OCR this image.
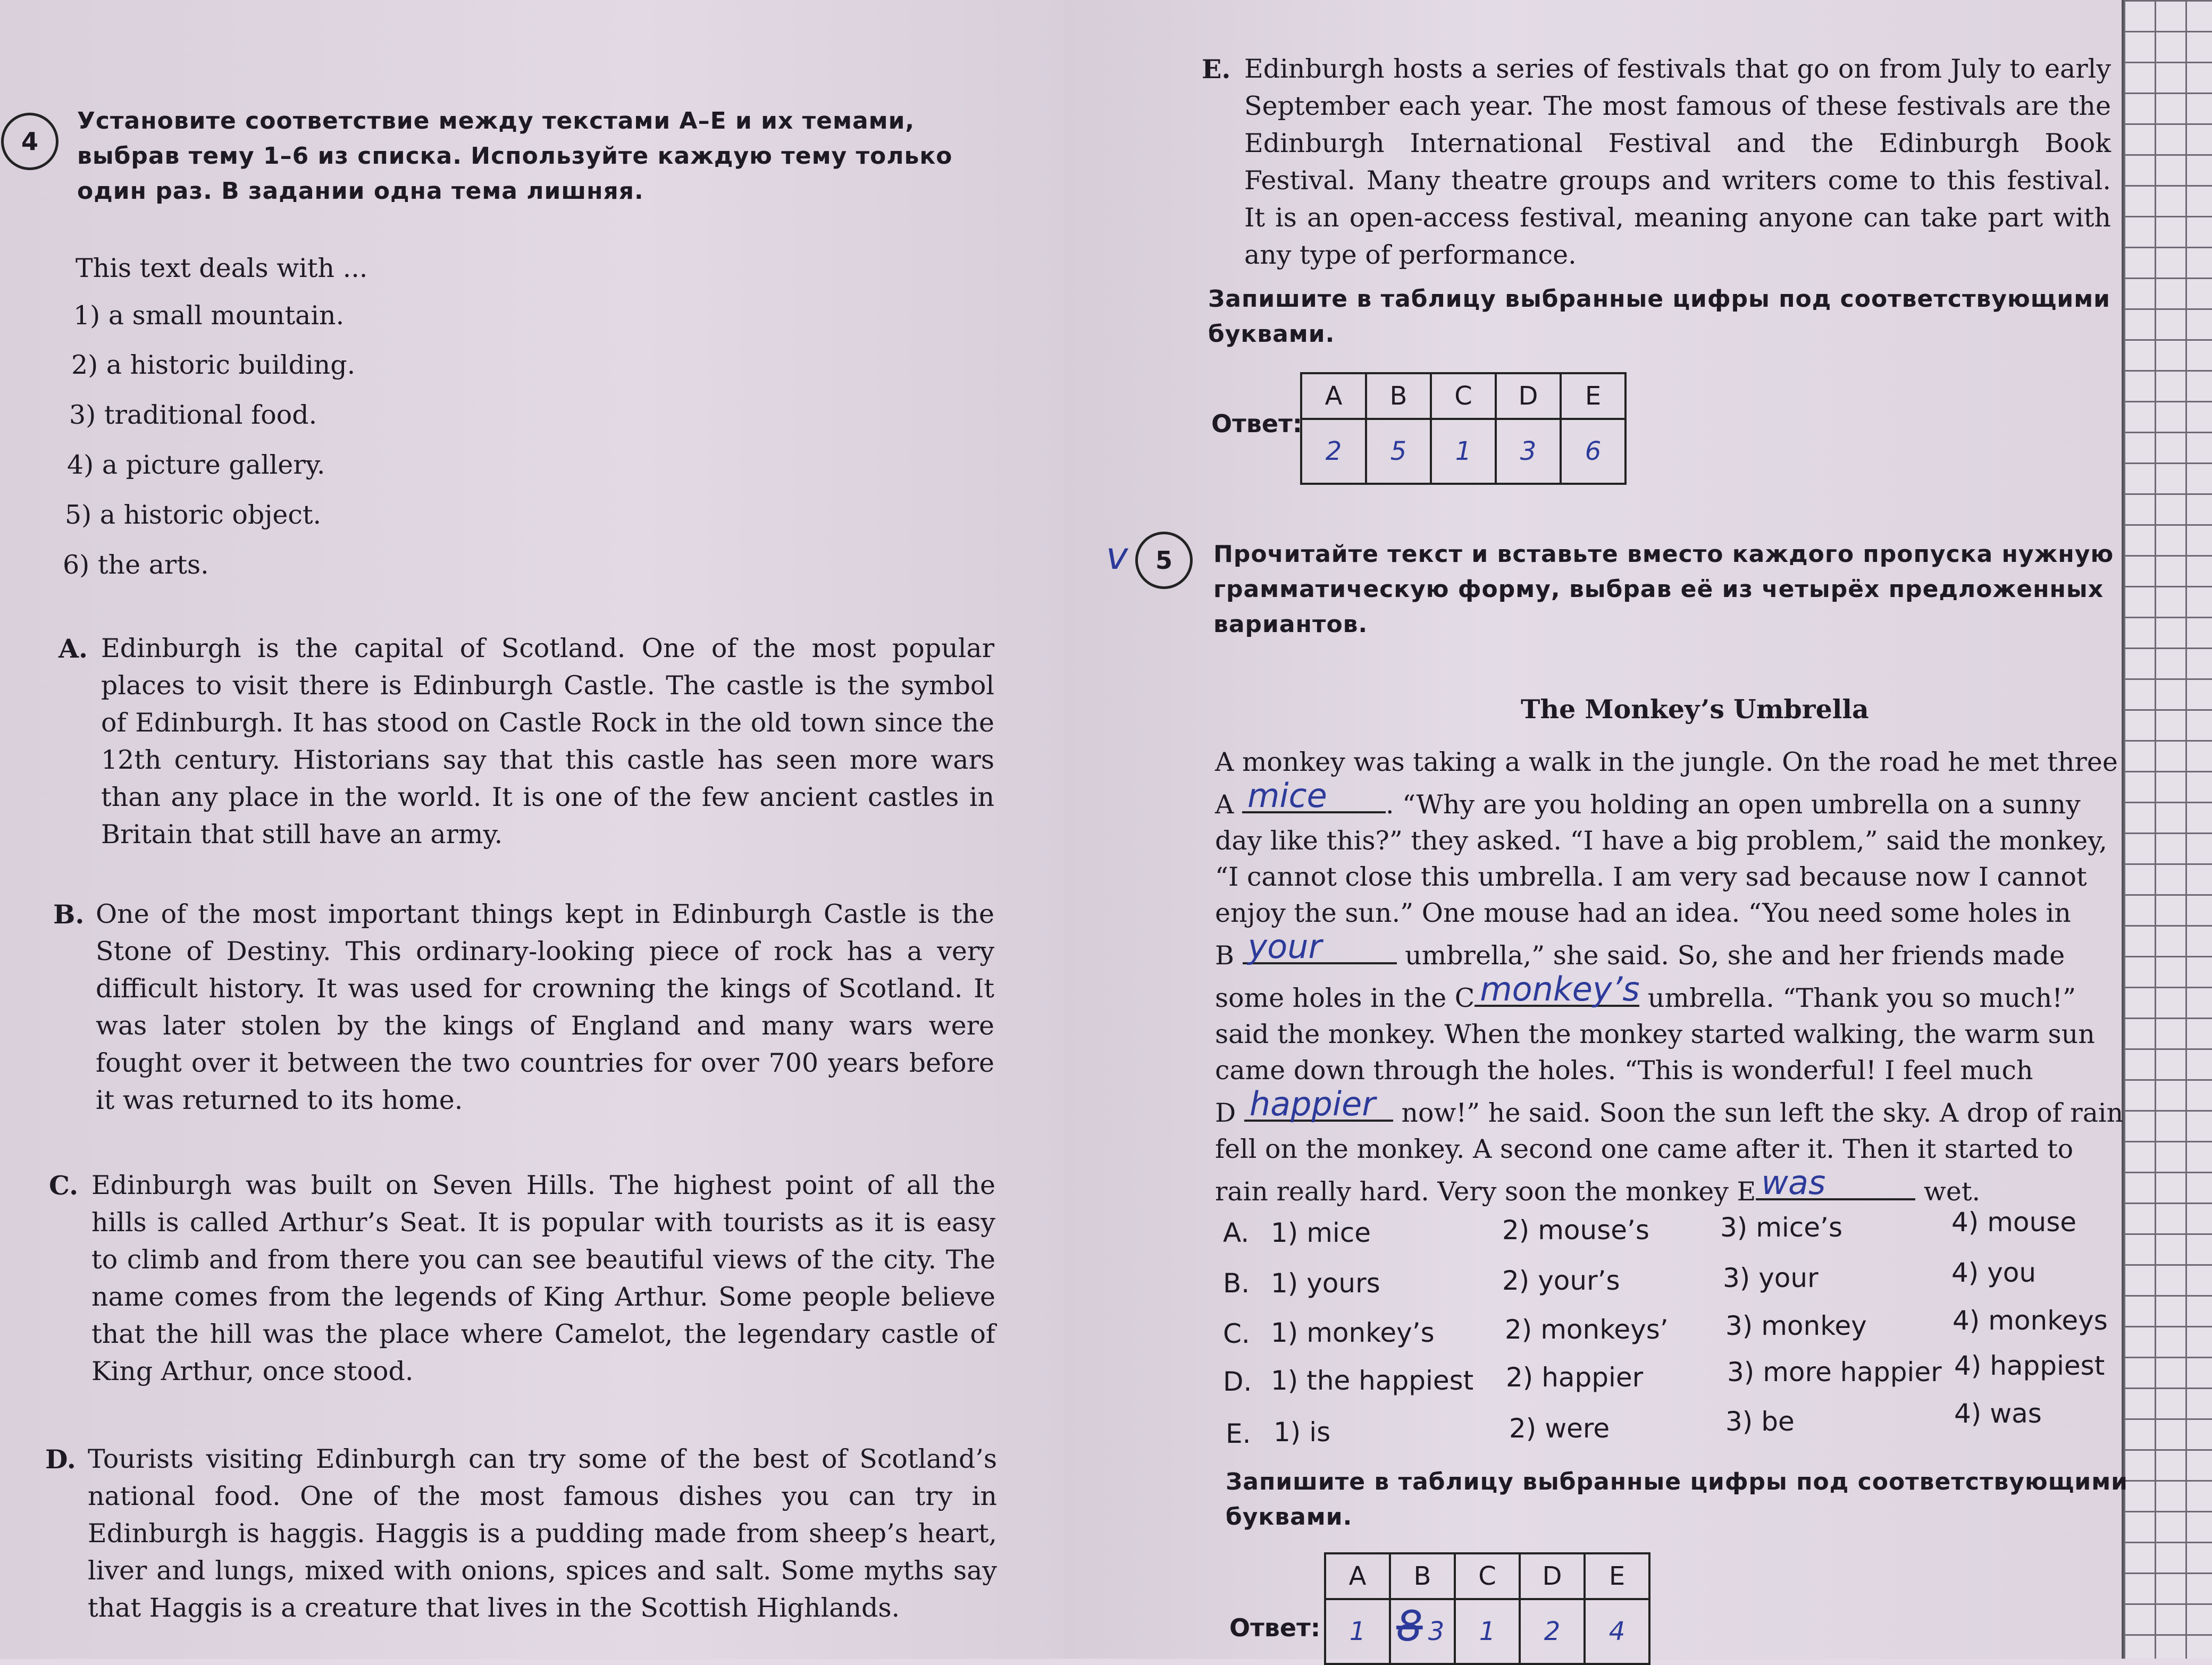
4
Установите соответствие между текстами A–E и их темами, выбрав тему 1–6 из списка. Используйте каждую тему только один раз. В задании одна тема лишняя.
This text deals with ...
1) a small mountain.
2) a historic building.
3) traditional food.
4) a picture gallery.
5) a historic object.
6) the arts.
A. Edinburgh is the capital of Scotland. One of the most popular places to visit there is Edinburgh Castle. The castle is the symbol of Edinburgh. It has stood on Castle Rock in the old town since the 12th century. Historians say that this castle has seen more wars than any place in the world. It is one of the few ancient castles in Britain that still have an army.
B. One of the most important things kept in Edinburgh Castle is the Stone of Destiny. This ordinary-looking piece of rock has a very difficult history. It was used for crowning the kings of Scotland. It was later stolen by the kings of England and many wars were fought over it between the two countries for over 700 years before it was returned to its home.
C. Edinburgh was built on Seven Hills. The highest point of all the hills is called Arthur’s Seat. It is popular with tourists as it is easy to climb and from there you can see beautiful views of the city. The name comes from the legends of King Arthur. Some people believe that the hill was the place where Camelot, the legendary castle of King Arthur, once stood.
D. Tourists visiting Edinburgh can try some of the best of Scotland’s national food. One of the most famous dishes you can try in Edinburgh is haggis. Haggis is a pudding made from sheep’s heart, liver and lungs, mixed with onions, spices and salt. Some myths say that Haggis is a creature that lives in the Scottish Highlands.
E. Edinburgh hosts a series of festivals that go on from July to early September each year. The most famous of these festivals are the Edinburgh International Festival and the Edinburgh Book Festival. Many theatre groups and writers come to this festival. It is an open-access festival, meaning anyone can take part with any type of performance.
Запишите в таблицу выбранные цифры под соответствующими буквами.
Ответ:
A	B	C	D	E
2	5	1	3	6
v	5	Прочитайте текст и вставьте вместо каждого пропуска нужную грамматическую форму, выбрав её из четырёх предложенных вариантов.
The Monkey’s Umbrella
A monkey was taking a walk in the jungle. On the road he met three
A mice . “Why are you holding an open umbrella on a sunny
day like this?” they asked. “I have a big problem,” said the monkey,
“I cannot close this umbrella. I am very sad because now I cannot
enjoy the sun.” One mouse had an idea. “You need some holes in
B your	umbrella,” she said. So, she and her friends made
some holes in the C monkey’s umbrella. “Thank you so much!”
said the monkey. When the monkey started walking, the warm sun
came down through the holes. “This is wonderful! I feel much
D happier now!” he said. Soon the sun left the sky. A drop of rain
fell on the monkey. A second one came after it. Then it started to
rain really hard. Very soon the monkey E was	wet.
A. 1) mice	2) mouse’s	3) mice’s	4) mouse
B. 1) yours	2) your’s	3) your	4) you
C. 1) monkey’s	2) monkeys’ 3) monkey	4) monkeys
D. 1) the happiest 2) happier	3) more happier 4) happiest
E. 1) is	2) were	3) be	4) was
Запишите в таблицу выбранные цифры под соответствующими буквами.
Ответ:
A	B	C	D	E
1	8 3	1	2	4
